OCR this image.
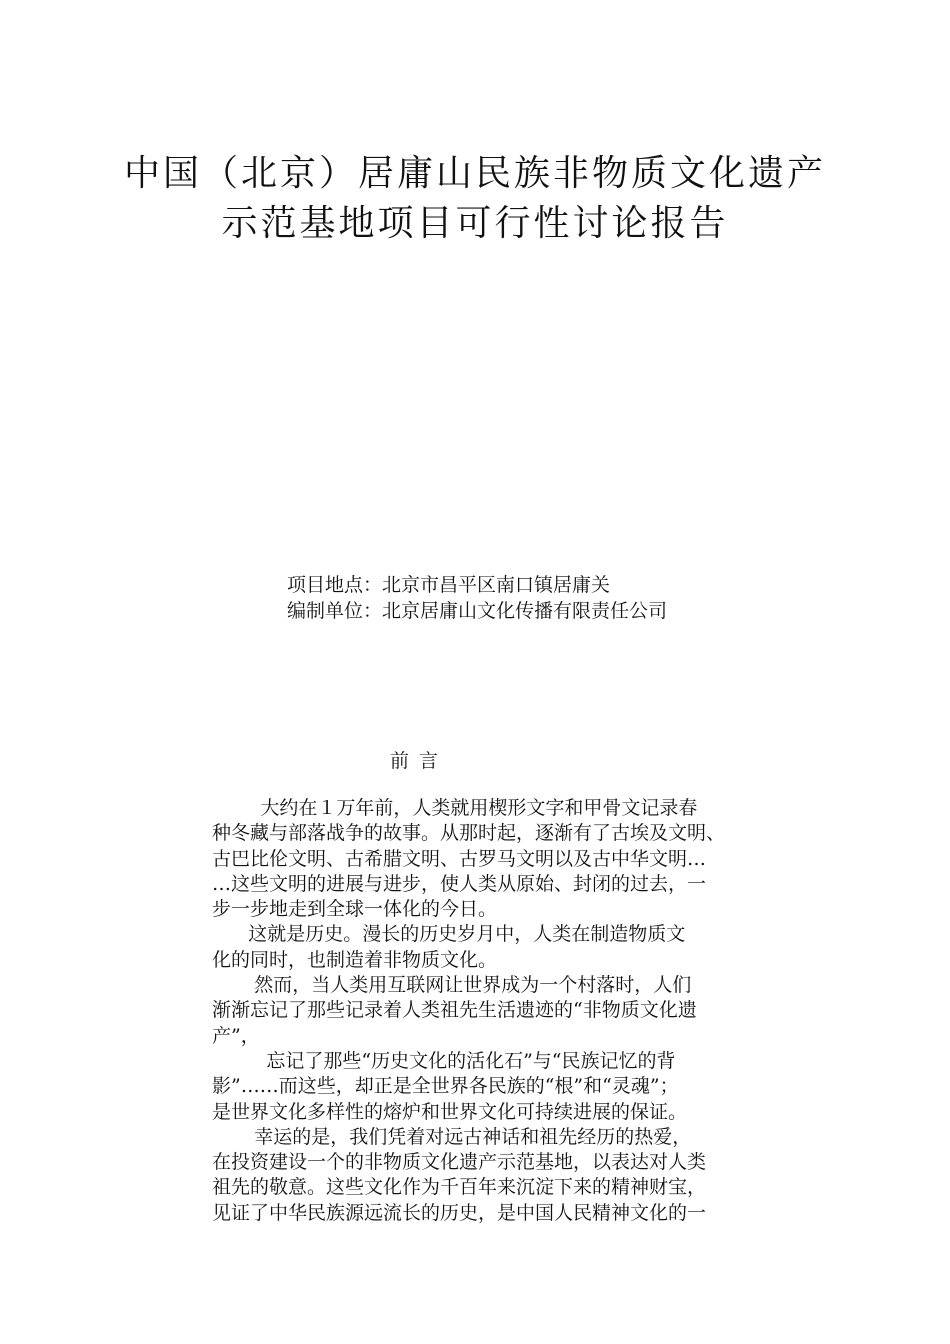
中国（北京）居庸山民族非物质文化遗产
示范基地项目可行性讨论报告
项目地点：北京市昌平区南口镇居庸关
编制单位：北京居庸山文化传播有限责任公司
前言
大约在１万年前，人类就用楔形文字和甲骨文记录春
种冬藏与部落战争的故事。从那时起，逐渐有了古埃及文明、
古巴比伦文明、古希腊文明、古罗马文明以及古中华文明…
…这些文明的进展与进步，使人类从原始、封闭的过去，一
步一步地走到全球一体化的今日。
这就是历史。漫长的历史岁月中，人类在制造物质文
化的同时，也制造着非物质文化。
然而，当人类用互联网让世界成为一个村落时，人们
渐渐忘记了那些记录着人类祖先生活遗迹的“非物质文化遗
产”，
忘记了那些“历史文化的活化石”与“民族记忆的背
影”……而这些，却正是全世界各民族的“根”和“灵魂”；
是世界文化多样性的熔炉和世界文化可持续进展的保证。
幸运的是，我们凭着对远古神话和祖先经历的热爱，
在投资建设一个的非物质文化遗产示范基地，以表达对人类
祖先的敬意。这些文化作为千百年来沉淀下来的精神财宝，
见证了中华民族源远流长的历史，是中国人民精神文化的一
